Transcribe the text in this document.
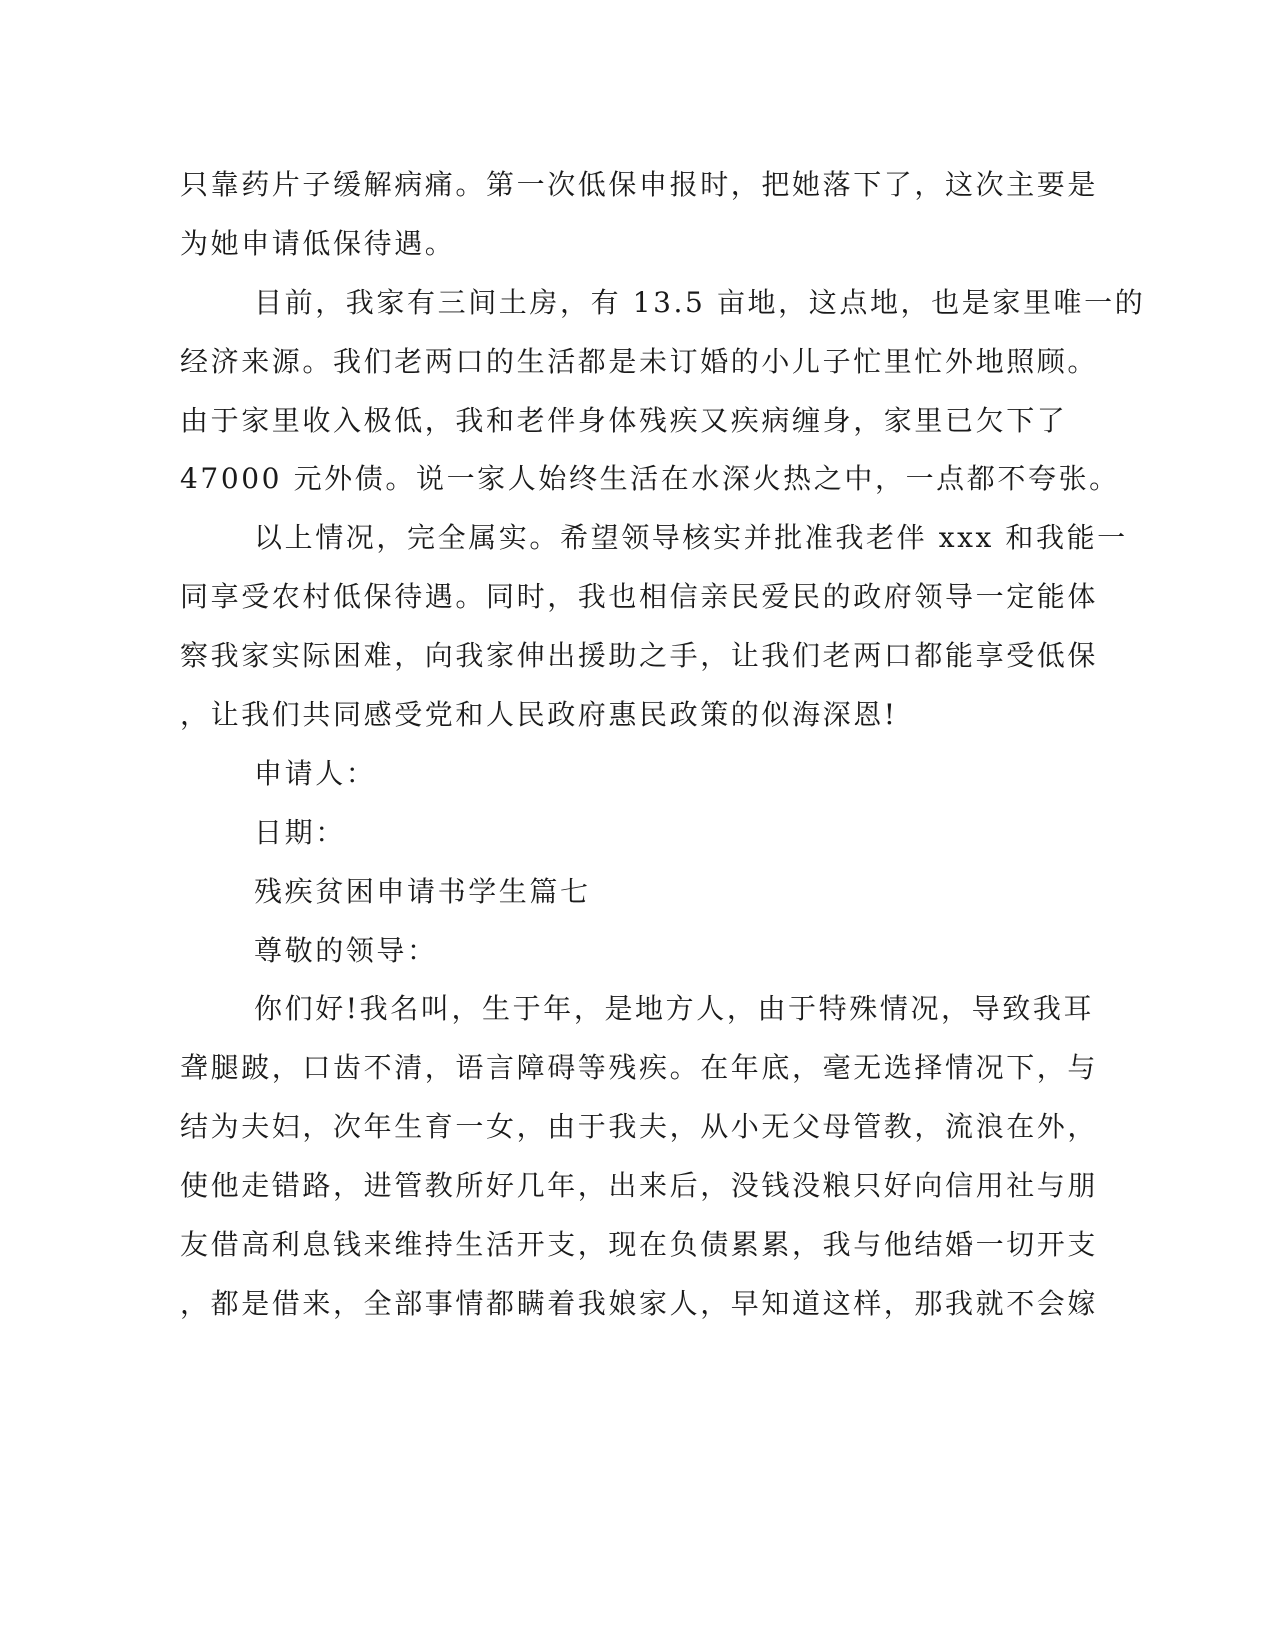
只靠药片子缓解病痛。第一次低保申报时，把她落下了，这次主要是
为她申请低保待遇。
目前，我家有三间土房，有 13.5 亩地，这点地，也是家里唯一的
经济来源。我们老两口的生活都是未订婚的小儿子忙里忙外地照顾。
由于家里收入极低，我和老伴身体残疾又疾病缠身，家里已欠下了
47000 元外债。说一家人始终生活在水深火热之中，一点都不夸张。
以上情况，完全属实。希望领导核实并批准我老伴 xxx 和我能一
同享受农村低保待遇。同时，我也相信亲民爱民的政府领导一定能体
察我家实际困难，向我家伸出援助之手，让我们老两口都能享受低保
，让我们共同感受党和人民政府惠民政策的似海深恩!
申请人：
日期：
残疾贫困申请书学生篇七
尊敬的领导：
你们好!我名叫，生于年，是地方人，由于特殊情况，导致我耳
聋腿跛，口齿不清，语言障碍等残疾。在年底，毫无选择情况下，与
结为夫妇，次年生育一女，由于我夫，从小无父母管教，流浪在外，
使他走错路，进管教所好几年，出来后，没钱没粮只好向信用社与朋
友借高利息钱来维持生活开支，现在负债累累，我与他结婚一切开支
，都是借来，全部事情都瞒着我娘家人，早知道这样，那我就不会嫁
